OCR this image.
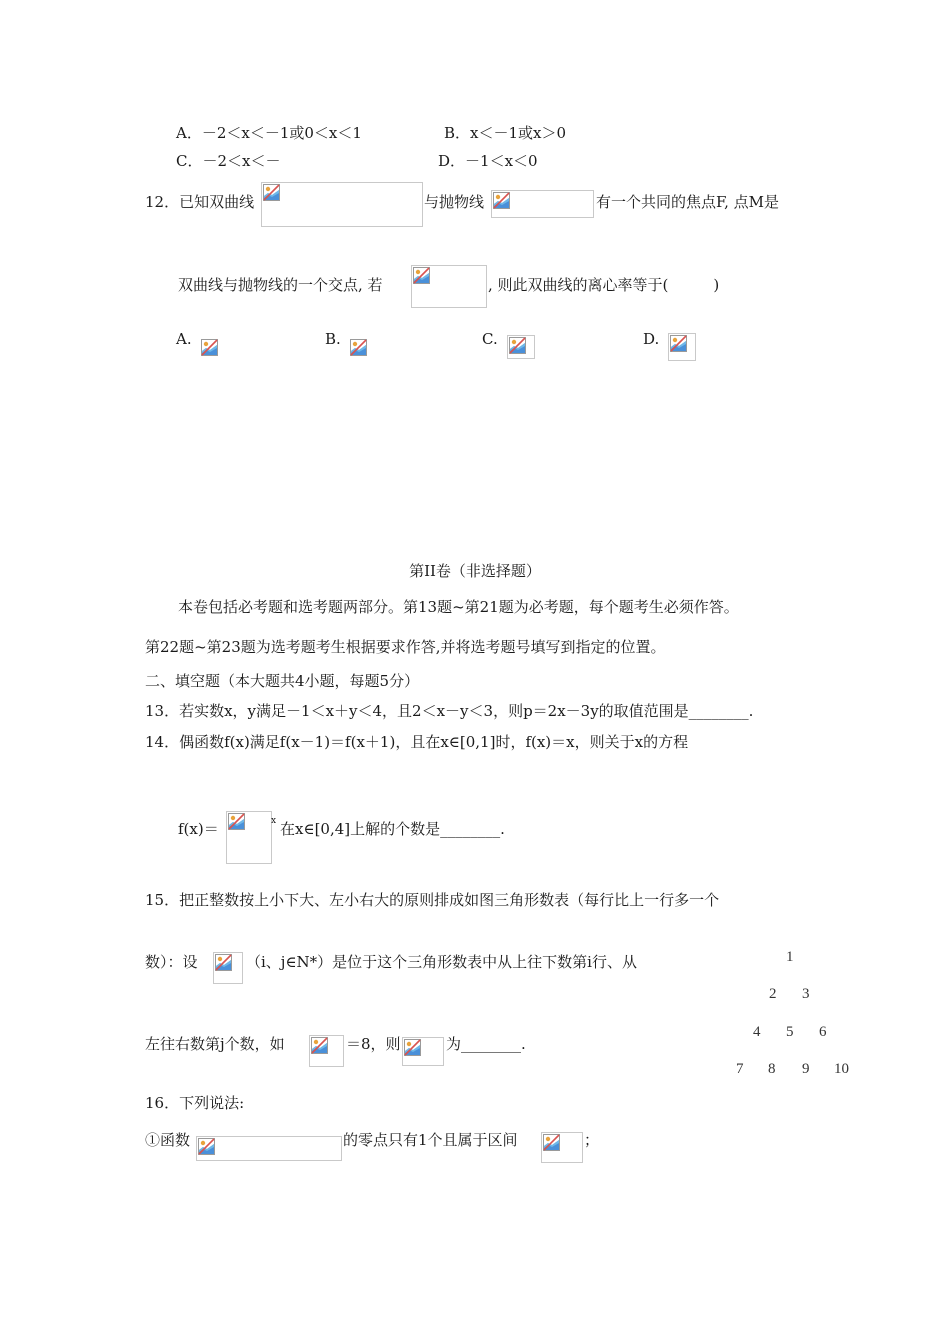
A．－2＜x＜－1或0＜x＜1	B．x＜－1或x＞0
C．－2＜x＜－	D．－1＜x＜0
12．已知双曲线	与抛物线	有一个共同的焦点F, 点M是
双曲线与抛物线的一个交点, 若	, 则此双曲线的离心率等于(　　　)
A.	B.	C.	D.
第II卷（非选择题）
本卷包括必考题和选考题两部分。第13题~第21题为必考题，每个题考生必须作答。
第22题~第23题为选考题考生根据要求作答,并将选考题号填写到指定的位置。
二、填空题（本大题共4小题，每题5分）
13．若实数x，y满足－1＜x＋y＜4，且2＜x－y＜3，则p＝2x－3y的取值范围是________.
14．偶函数f(x)满足f(x－1)＝f(x＋1)，且在x∈[0,1]时，f(x)＝x，则关于x的方程
f(x)＝	x 在x∈[0,4]上解的个数是________.
15．把正整数按上小下大、左小右大的原则排成如图三角形数表（每行比上一行多一个
数）：设	（i、j∈N*）是位于这个三角形数表中从上往下数第i行、从
左往右数第j个数，如	＝8，则	为________.
1
2 3
4 5 6
7 8 9 10
16．下列说法:
①函数	的零点只有1个且属于区间	；
